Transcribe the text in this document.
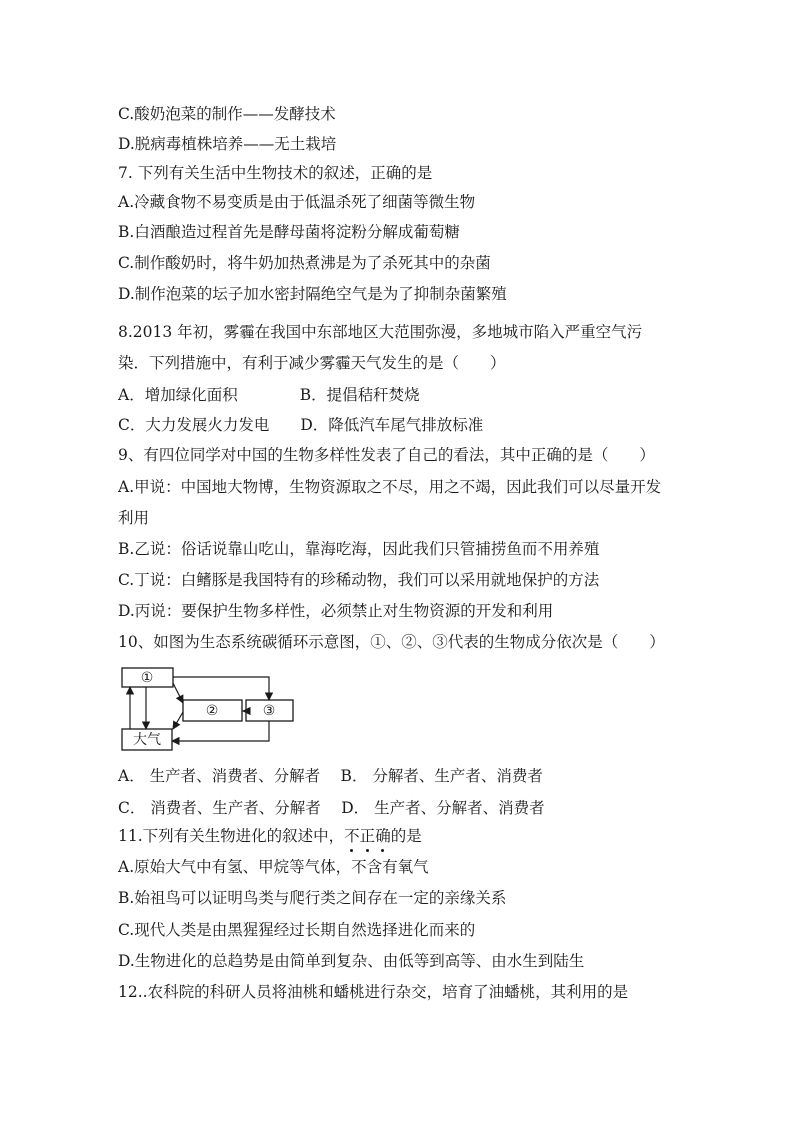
C.酸奶泡菜的制作——发酵技术
D.脱病毒植株培养——无土栽培
7. 下列有关生活中生物技术的叙述，正确的是
A.冷藏食物不易变质是由于低温杀死了细菌等微生物
B.白酒酿造过程首先是酵母菌将淀粉分解成葡萄糖
C.制作酸奶时，将牛奶加热煮沸是为了杀死其中的杂菌
D.制作泡菜的坛子加水密封隔绝空气是为了抑制杂菌繁殖
8.2013 年初，雾霾在我国中东部地区大范围弥漫，多地城市陷入严重空气污
染．下列措施中，有利于减少雾霾天气发生的是（　　）
A．增加绿化面积　　　　B．提倡秸秆焚烧
C．大力发展火力发电　　D．降低汽车尾气排放标准
9、有四位同学对中国的生物多样性发表了自己的看法，其中正确的是（　　）
A.甲说：中国地大物博，生物资源取之不尽，用之不竭，因此我们可以尽量开发
利用
B.乙说：俗话说靠山吃山，靠海吃海，因此我们只管捕捞鱼而不用养殖
C.丁说：白鳍豚是我国特有的珍稀动物，我们可以采用就地保护的方法
D.丙说：要保护生物多样性，必须禁止对生物资源的开发和利用
10、如图为生态系统碳循环示意图，①、②、③代表的生物成分依次是（　　）
①
②	③
大气
A． 生产者、消费者、分解者　 B． 分解者、生产者、消费者
C． 消费者、生产者、分解者　 D． 生产者、分解者、消费者
11.下列有关生物进化的叙述中，不正确的是
A.原始大气中有氢、甲烷等气体，不含有氧气
B.始祖鸟可以证明鸟类与爬行类之间存在一定的亲缘关系
C.现代人类是由黑猩猩经过长期自然选择进化而来的
D.生物进化的总趋势是由简单到复杂、由低等到高等、由水生到陆生
12..农科院的科研人员将油桃和蟠桃进行杂交，培育了油蟠桃，其利用的是
